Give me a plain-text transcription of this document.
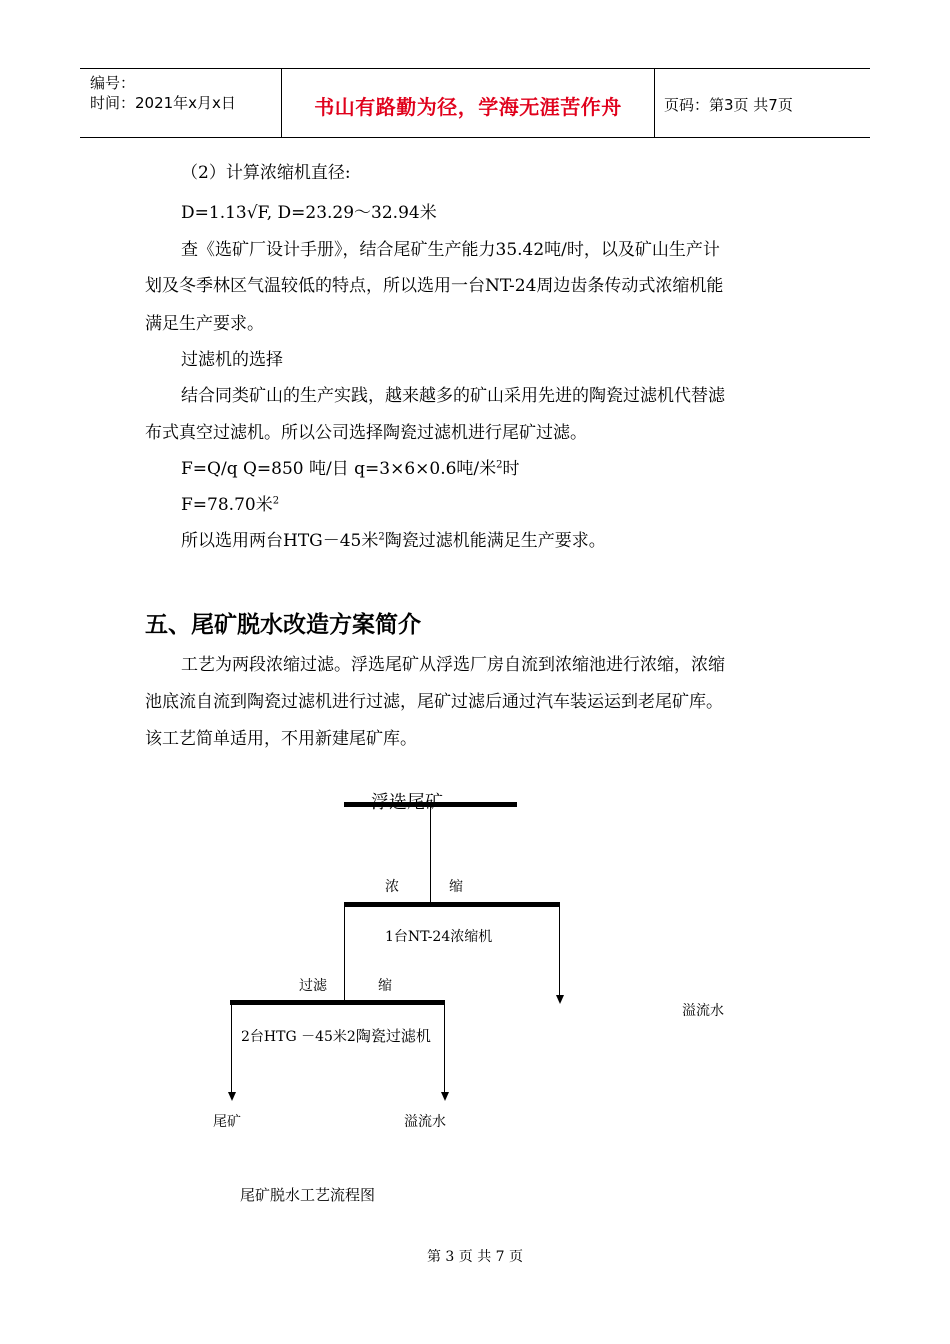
编号：
时间：2021年x月x日	书山有路勤为径，学海无涯苦作舟	页码：第3页 共7页
（2）计算浓缩机直径:
D=1.13√F, D=23.29～32.94米
查《选矿厂设计手册》，结合尾矿生产能力35.42吨/时，以及矿山生产计
划及冬季林区气温较低的特点，所以选用一台NT-24周边齿条传动式浓缩机能
满足生产要求。
过滤机的选择
结合同类矿山的生产实践，越来越多的矿山采用先进的陶瓷过滤机代替滤
布式真空过滤机。所以公司选择陶瓷过滤机进行尾矿过滤。
F=Q/q Q=850 吨/日 q=3×6×0.6吨/米$^2$时
F=78.70米$^2$
所以选用两台HTG－45米$^2$陶瓷过滤机能满足生产要求。
五、尾矿脱水改造方案简介
工艺为两段浓缩过滤。浮选尾矿从浮选厂房自流到浓缩池进行浓缩，浓缩
池底流自流到陶瓷过滤机进行过滤，尾矿过滤后通过汽车装运运到老尾矿库。
该工艺简单适用，不用新建尾矿库。
浓	缩
1台NT-24浓缩机
溢流水
过滤	缩
2台HTG －45米2陶瓷过滤机
尾矿	溢流水
尾矿脱水工艺流程图
第 3 页 共 7 页
